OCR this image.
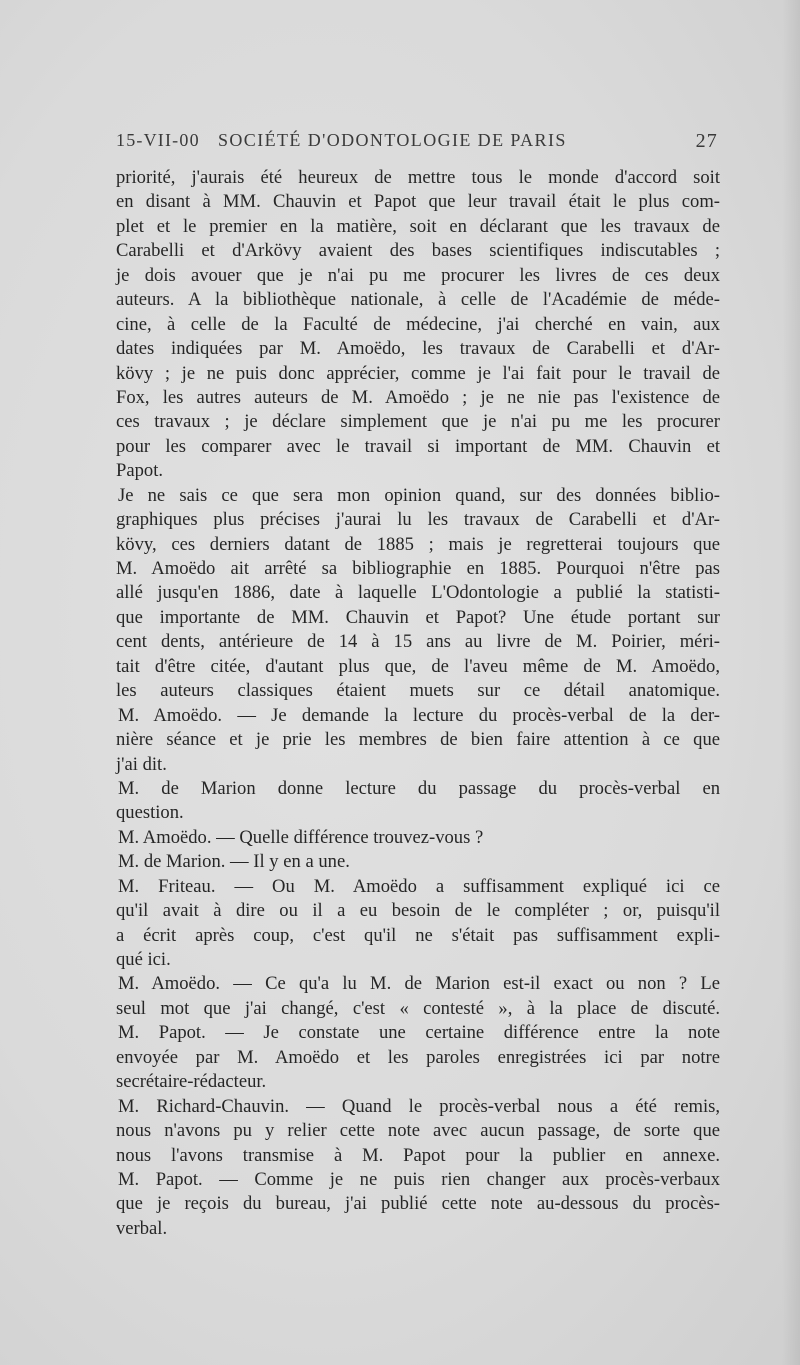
15-VII-00 SOCIÉTÉ D'ODONTOLOGIE DE PARIS	27
priorité, j'aurais été heureux de mettre tous le monde d'accord soit
en disant à MM. Chauvin et Papot que leur travail était le plus com-
plet et le premier en la matière, soit en déclarant que les travaux de
Carabelli et d'Arkövy avaient des bases scientifiques indiscutables ;
je dois avouer que je n'ai pu me procurer les livres de ces deux
auteurs. A la bibliothèque nationale, à celle de l'Académie de méde-
cine, à celle de la Faculté de médecine, j'ai cherché en vain, aux
dates indiquées par M. Amoëdo, les travaux de Carabelli et d'Ar-
kövy ; je ne puis donc apprécier, comme je l'ai fait pour le travail de
Fox, les autres auteurs de M. Amoëdo ; je ne nie pas l'existence de
ces travaux ; je déclare simplement que je n'ai pu me les procurer
pour les comparer avec le travail si important de MM. Chauvin et
Papot.
Je ne sais ce que sera mon opinion quand, sur des données biblio-
graphiques plus précises j'aurai lu les travaux de Carabelli et d'Ar-
kövy, ces derniers datant de 1885 ; mais je regretterai toujours que
M. Amoëdo ait arrêté sa bibliographie en 1885. Pourquoi n'être pas
allé jusqu'en 1886, date à laquelle L'Odontologie a publié la statisti-
que importante de MM. Chauvin et Papot? Une étude portant sur
cent dents, antérieure de 14 à 15 ans au livre de M. Poirier, méri-
tait d'être citée, d'autant plus que, de l'aveu même de M. Amoëdo,
les auteurs classiques étaient muets sur ce détail anatomique.
M. Amoëdo. — Je demande la lecture du procès-verbal de la der-
nière séance et je prie les membres de bien faire attention à ce que
j'ai dit.
M. de Marion donne lecture du passage du procès-verbal en
question.
M. Amoëdo. — Quelle différence trouvez-vous ?
M. de Marion. — Il y en a une.
M. Friteau. — Ou M. Amoëdo a suffisamment expliqué ici ce
qu'il avait à dire ou il a eu besoin de le compléter ; or, puisqu'il
a écrit après coup, c'est qu'il ne s'était pas suffisamment expli-
qué ici.
M. Amoëdo. — Ce qu'a lu M. de Marion est-il exact ou non ? Le
seul mot que j'ai changé, c'est « contesté », à la place de discuté.
M. Papot. — Je constate une certaine différence entre la note
envoyée par M. Amoëdo et les paroles enregistrées ici par notre
secrétaire-rédacteur.
M. Richard-Chauvin. — Quand le procès-verbal nous a été remis,
nous n'avons pu y relier cette note avec aucun passage, de sorte que
nous l'avons transmise à M. Papot pour la publier en annexe.
M. Papot. — Comme je ne puis rien changer aux procès-verbaux
que je reçois du bureau, j'ai publié cette note au-dessous du procès-
verbal.
